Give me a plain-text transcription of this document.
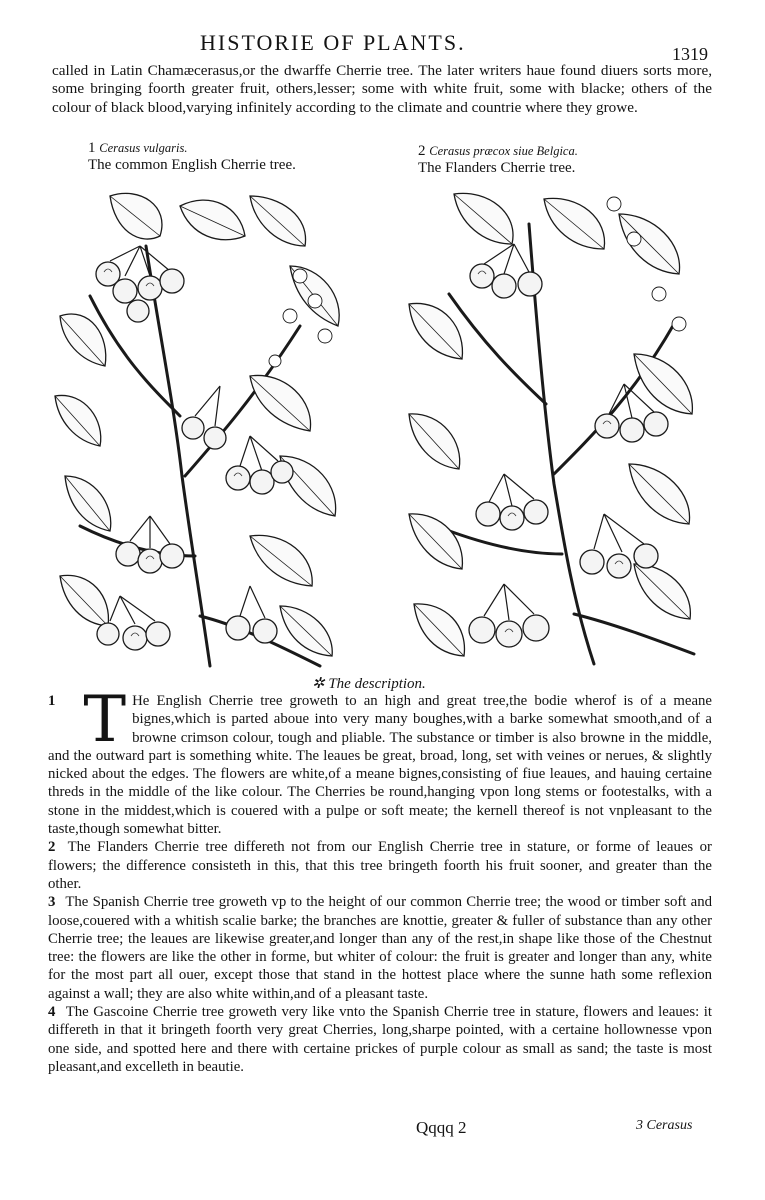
HISTORIE OF PLANTS.	1319
called in Latin Chamæcerasus,or the dwarffe Cherrie tree. The later writers haue found diuers sorts more, some bringing foorth greater fruit, others,lesser; some with white fruit, some with blacke; others of the colour of black blood,varying infinitely according to the climate and countrie where they growe.
1 Cerasus vulgaris.
The common English Cherrie tree.
2 Cerasus præcox siue Belgica.
The Flanders Cherrie tree.
✲ The description.

1 T He English Cherrie tree groweth to an high and great tree,the bodie wherof is of a meane bignes,which is parted aboue into very many boughes,with a barke somewhat smooth,and of a browne crimson colour, tough and pliable. The substance or timber is also browne in the middle, and the outward part is something white. The leaues be great, broad, long, set with veines or nerues, & slightly nicked about the edges. The flowers are white,of a meane bignes,consisting of fiue leaues, and hauing certaine threds in the middle of the like colour. The Cherries be round,hanging vpon long stems or footestalks, with a stone in the middest,which is couered with a pulpe or soft meate; the kernell thereof is not vnpleasant to the taste,though somewhat bitter.

2 The Flanders Cherrie tree differeth not from our English Cherrie tree in stature, or forme of leaues or flowers; the difference consisteth in this, that this tree bringeth foorth his fruit sooner, and greater than the other.

3 The Spanish Cherrie tree groweth vp to the height of our common Cherrie tree; the wood or timber soft and loose,couered with a whitish scalie barke; the branches are knottie, greater & fuller of substance than any other Cherrie tree; the leaues are likewise greater,and longer than any of the rest,in shape like those of the Chestnut tree: the flowers are like the other in forme, but whiter of colour: the fruit is greater and longer than any, white for the most part all ouer, except those that stand in the hottest place where the sunne hath some reflexion against a wall; they are also white within,and of a pleasant taste.

4 The Gascoine Cherrie tree groweth very like vnto the Spanish Cherrie tree in stature, flowers and leaues: it differeth in that it bringeth foorth very great Cherries, long,sharpe pointed, with a certaine hollownesse vpon one side, and spotted here and there with certaine prickes of purple colour as small as sand; the taste is most pleasant,and excelleth in beautie.

Qqqq 2	3 Cerasus
